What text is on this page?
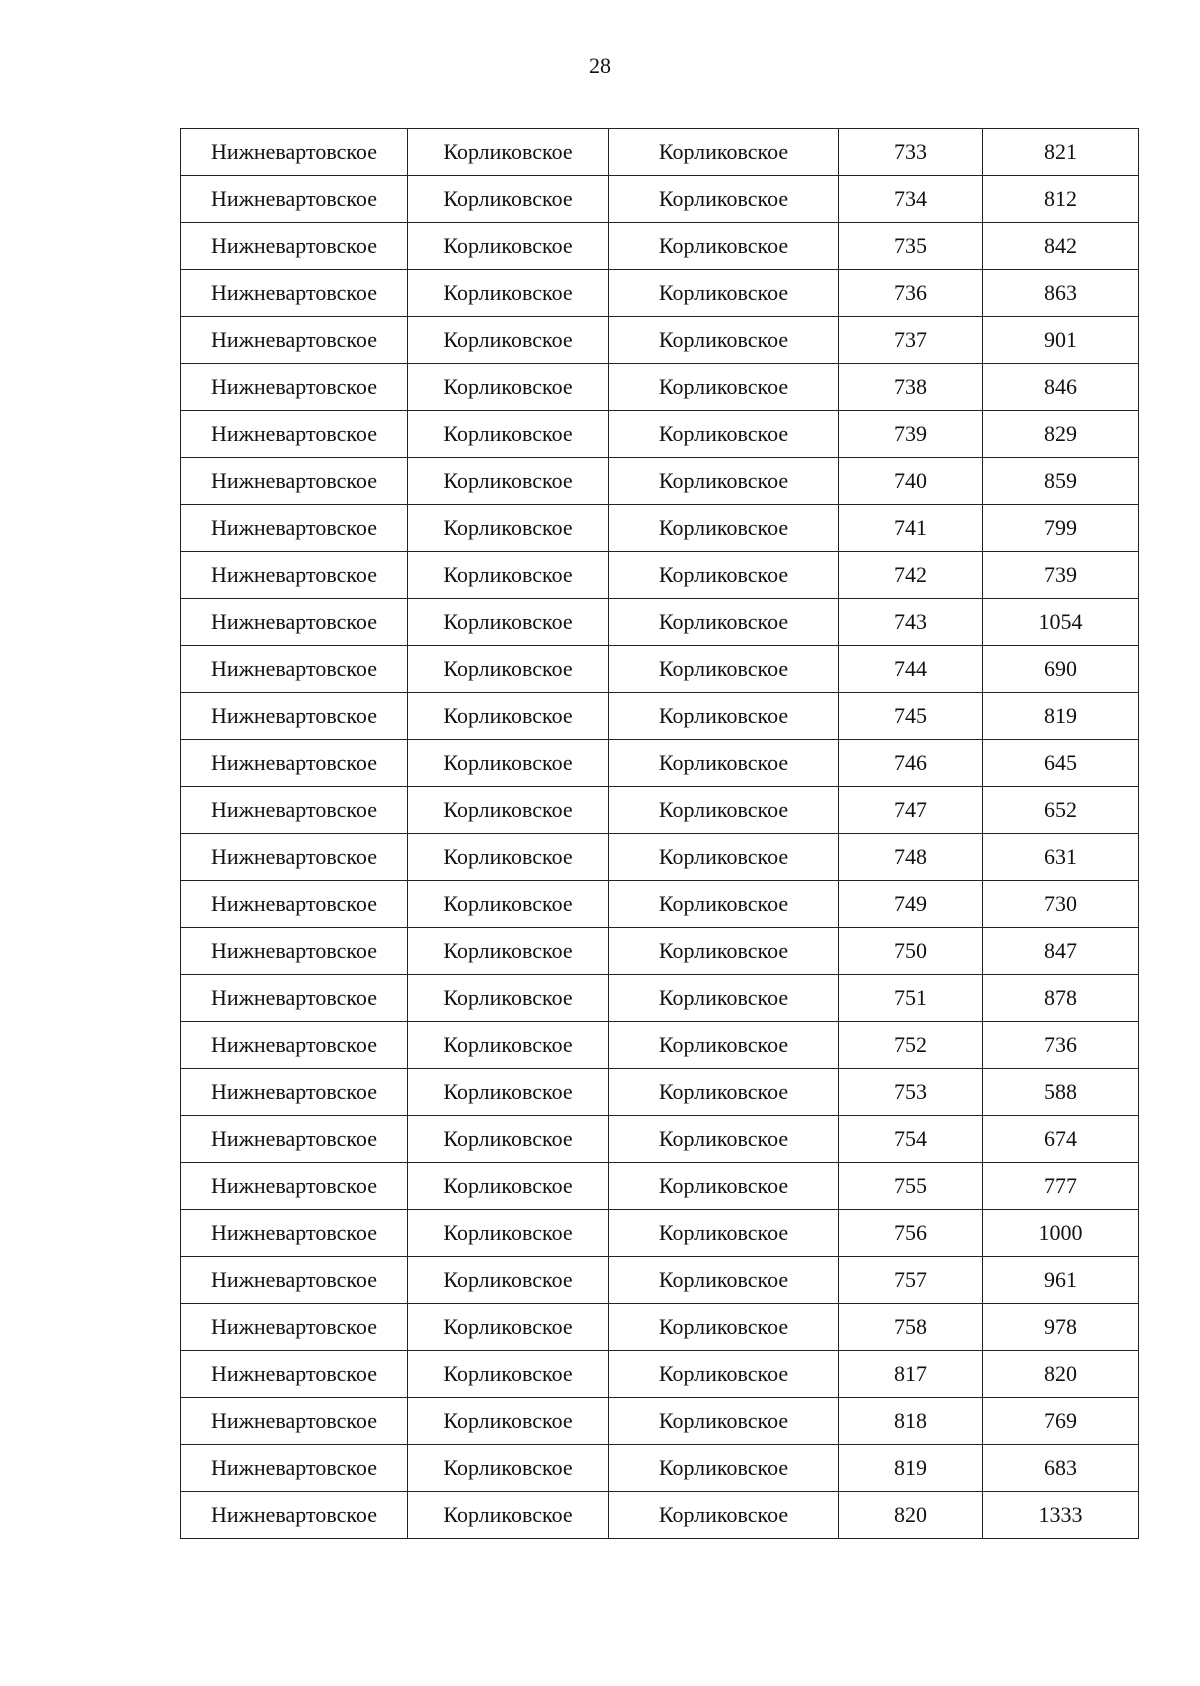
28
Нижневартовское	Корликовское	Корликовское	733	821
Нижневартовское	Корликовское	Корликовское	734	812
Нижневартовское	Корликовское	Корликовское	735	842
Нижневартовское	Корликовское	Корликовское	736	863
Нижневартовское	Корликовское	Корликовское	737	901
Нижневартовское	Корликовское	Корликовское	738	846
Нижневартовское	Корликовское	Корликовское	739	829
Нижневартовское	Корликовское	Корликовское	740	859
Нижневартовское	Корликовское	Корликовское	741	799
Нижневартовское	Корликовское	Корликовское	742	739
Нижневартовское	Корликовское	Корликовское	743	1054
Нижневартовское	Корликовское	Корликовское	744	690
Нижневартовское	Корликовское	Корликовское	745	819
Нижневартовское	Корликовское	Корликовское	746	645
Нижневартовское	Корликовское	Корликовское	747	652
Нижневартовское	Корликовское	Корликовское	748	631
Нижневартовское	Корликовское	Корликовское	749	730
Нижневартовское	Корликовское	Корликовское	750	847
Нижневартовское	Корликовское	Корликовское	751	878
Нижневартовское	Корликовское	Корликовское	752	736
Нижневартовское	Корликовское	Корликовское	753	588
Нижневартовское	Корликовское	Корликовское	754	674
Нижневартовское	Корликовское	Корликовское	755	777
Нижневартовское	Корликовское	Корликовское	756	1000
Нижневартовское	Корликовское	Корликовское	757	961
Нижневартовское	Корликовское	Корликовское	758	978
Нижневартовское	Корликовское	Корликовское	817	820
Нижневартовское	Корликовское	Корликовское	818	769
Нижневартовское	Корликовское	Корликовское	819	683
Нижневартовское	Корликовское	Корликовское	820	1333
